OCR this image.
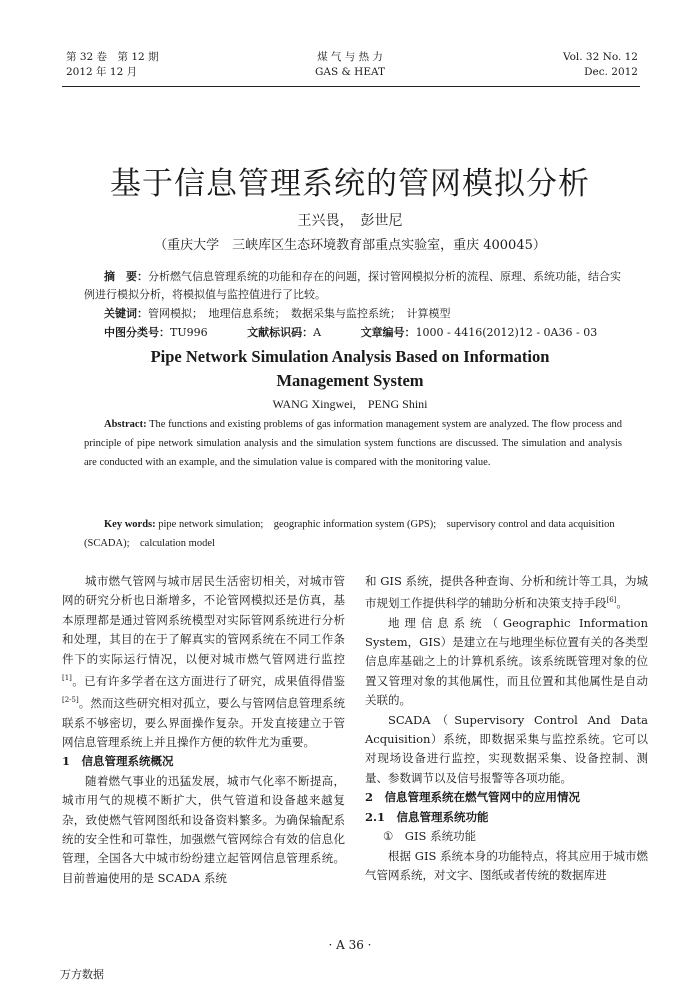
第 32 卷　第 12 期
2012 年 12 月
煤 气 与 热 力
GAS & HEAT
Vol. 32 No. 12
Dec. 2012
基于信息管理系统的管网模拟分析
王兴畏，　彭世尼
（重庆大学　三峡库区生态环境教育部重点实验室，重庆 400045）
摘　要：分析燃气信息管理系统的功能和存在的问题，探讨管网模拟分析的流程、原理、系统功能，结合实例进行模拟分析，将模拟值与监控值进行了比较。
关键词：管网模拟；　地理信息系统；　数据采集与监控系统；　计算模型
中图分类号：TU996	文献标识码：A	文章编号：1000 - 4416(2012)12 - 0A36 - 03
Pipe Network Simulation Analysis Based on Information
Management System
WANG Xingwei,　PENG Shini
Abstract: The functions and existing problems of gas information management system are analyzed. The flow process and principle of pipe network simulation analysis and the simulation system functions are discussed. The simulation and analysis are conducted with an example, and the simulation value is compared with the monitoring value.
Key words: pipe network simulation;　geographic information system (GPS);　supervisory control and data acquisition (SCADA);　calculation model

城市燃气管网与城市居民生活密切相关，对城市管网的研究分析也日渐增多，不论管网模拟还是仿真，基本原理都是通过管网系统模型对实际管网系统进行分析和处理，其目的在于了解真实的管网系统在不同工作条件下的实际运行情况，以便对城市燃气管网进行监控[1]。已有许多学者在这方面进行了研究，成果值得借鉴[2-5]。然而这些研究相对孤立，要么与管网信息管理系统联系不够密切，要么界面操作复杂。开发直接建立于管网信息管理系统上并且操作方便的软件尤为重要。

1　信息管理系统概况

随着燃气事业的迅猛发展，城市气化率不断提高，城市用气的规模不断扩大，供气管道和设备越来越复杂，致使燃气管网图纸和设备资料繁多。为确保输配系统的安全性和可靠性，加强燃气管网综合有效的信息化管理，全国各大中城市纷纷建立起管网信息管理系统。目前普遍使用的是 SCADA 系统

和 GIS 系统，提供各种查询、分析和统计等工具，为城市规划工作提供科学的辅助分析和决策支持手段[6]。

地理信息系统（Geographic Information System，GIS）是建立在与地理坐标位置有关的各类型信息库基础之上的计算机系统。该系统既管理对象的位置又管理对象的其他属性，而且位置和其他属性是自动关联的。

SCADA（Supervisory Control And Data Acquisition）系统，即数据采集与监控系统。它可以对现场设备进行监控，实现数据采集、设备控制、测量、参数调节以及信号报警等各项功能。

2　信息管理系统在燃气管网中的应用情况

2.1　信息管理系统功能

①　GIS 系统功能

根据 GIS 系统本身的功能特点，将其应用于城市燃气管网系统，对文字、图纸或者传统的数据库进

· A 36 ·
万方数据
